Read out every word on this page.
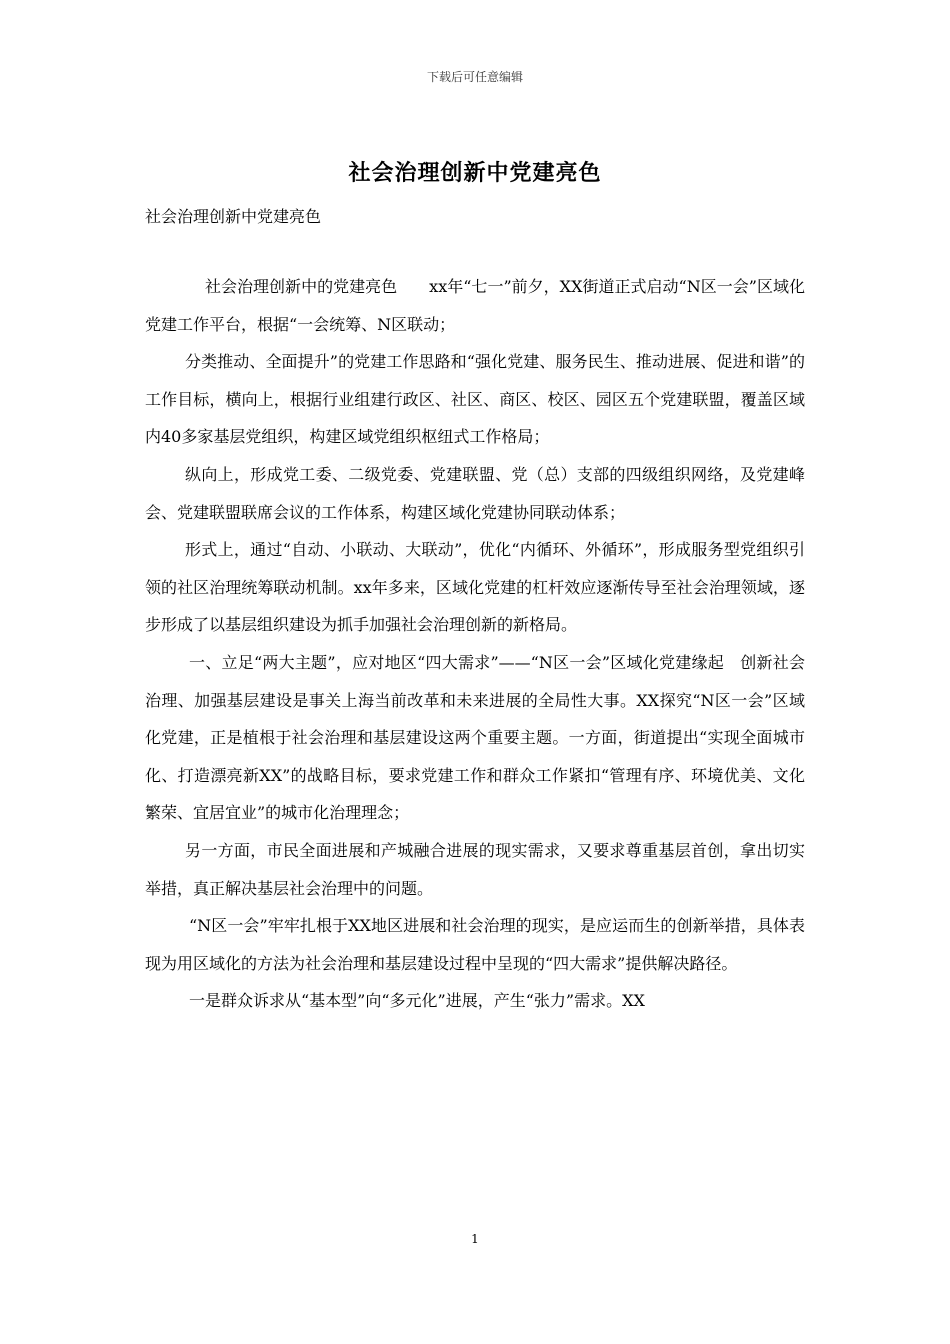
下载后可任意编辑
社会治理创新中党建亮色
社会治理创新中党建亮色

社会治理创新中的党建亮色　　xx年“七一”前夕，XX街道正式启动“N区一会”区域化党建工作平台，根据“一会统筹、N区联动；

分类推动、全面提升”的党建工作思路和“强化党建、服务民生、推动进展、促进和谐”的工作目标，横向上，根据行业组建行政区、社区、商区、校区、园区五个党建联盟，覆盖区域内40多家基层党组织，构建区域党组织枢纽式工作格局；

纵向上，形成党工委、二级党委、党建联盟、党（总）支部的四级组织网络，及党建峰会、党建联盟联席会议的工作体系，构建区域化党建协同联动体系；

形式上，通过“自动、小联动、大联动”，优化“内循环、外循环”，形成服务型党组织引领的社区治理统筹联动机制。xx年多来，区域化党建的杠杆效应逐渐传导至社会治理领域，逐步形成了以基层组织建设为抓手加强社会治理创新的新格局。

一、立足“两大主题”，应对地区“四大需求”——“N区一会”区域化党建缘起　创新社会治理、加强基层建设是事关上海当前改革和未来进展的全局性大事。XX探究“N区一会”区域化党建，正是植根于社会治理和基层建设这两个重要主题。一方面，街道提出“实现全面城市化、打造漂亮新XX”的战略目标，要求党建工作和群众工作紧扣“管理有序、环境优美、文化繁荣、宜居宜业”的城市化治理理念；

另一方面，市民全面进展和产城融合进展的现实需求，又要求尊重基层首创，拿出切实举措，真正解决基层社会治理中的问题。

“N区一会”牢牢扎根于XX地区进展和社会治理的现实，是应运而生的创新举措，具体表现为用区域化的方法为社会治理和基层建设过程中呈现的“四大需求”提供解决路径。

一是群众诉求从“基本型”向“多元化”进展，产生“张力”需求。XX

1
